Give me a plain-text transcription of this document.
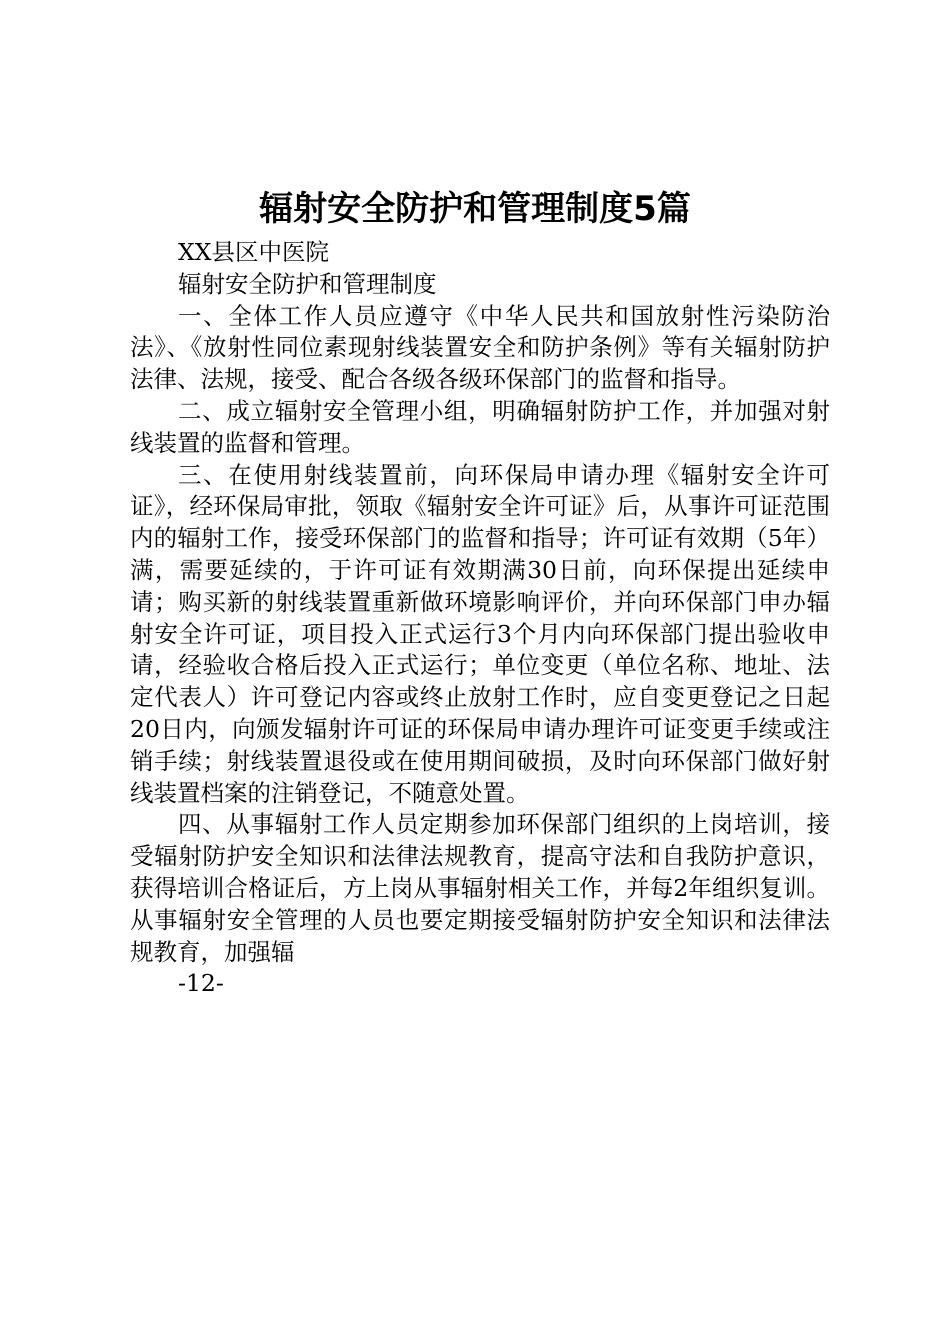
辐射安全防护和管理制度5篇

XX县区中医院

辐射安全防护和管理制度

一、全体工作人员应遵守《中华人民共和国放射性污染防治法》、《放射性同位素现射线装置安全和防护条例》等有关辐射防护法律、法规，接受、配合各级各级环保部门的监督和指导。

二、成立辐射安全管理小组，明确辐射防护工作，并加强对射线装置的监督和管理。

三、在使用射线装置前，向环保局申请办理《辐射安全许可证》，经环保局审批，领取《辐射安全许可证》后，从事许可证范围内的辐射工作，接受环保部门的监督和指导；许可证有效期（5年）满，需要延续的，于许可证有效期满30日前，向环保提出延续申请；购买新的射线装置重新做环境影响评价，并向环保部门申办辐射安全许可证，项目投入正式运行3个月内向环保部门提出验收申请，经验收合格后投入正式运行；单位变更（单位名称、地址、法定代表人）许可登记内容或终止放射工作时，应自变更登记之日起20日内，向颁发辐射许可证的环保局申请办理许可证变更手续或注销手续；射线装置退役或在使用期间破损，及时向环保部门做好射线装置档案的注销登记，不随意处置。

四、从事辐射工作人员定期参加环保部门组织的上岗培训，接受辐射防护安全知识和法律法规教育，提高守法和自我防护意识，获得培训合格证后，方上岗从事辐射相关工作，并每2年组织复训。从事辐射安全管理的人员也要定期接受辐射防护安全知识和法律法规教育，加强辐

-12-
